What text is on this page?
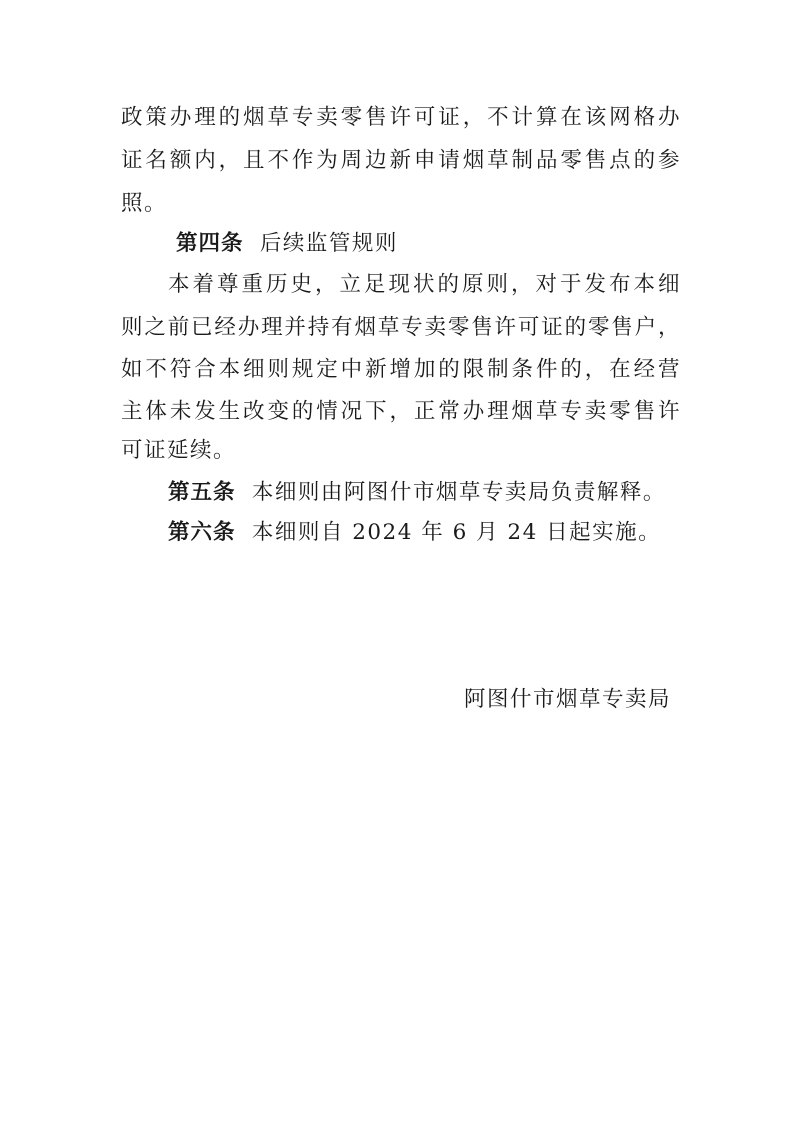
政策办理的烟草专卖零售许可证，不计算在该网格办
证名额内，且不作为周边新申请烟草制品零售点的参
照。
第四条 后续监管规则
本着尊重历史，立足现状的原则，对于发布本细
则之前已经办理并持有烟草专卖零售许可证的零售户，
如不符合本细则规定中新增加的限制条件的，在经营
主体未发生改变的情况下，正常办理烟草专卖零售许
可证延续。
第五条 本细则由阿图什市烟草专卖局负责解释。
第六条 本细则自 2024 年 6 月 24 日起实施。
阿图什市烟草专卖局
